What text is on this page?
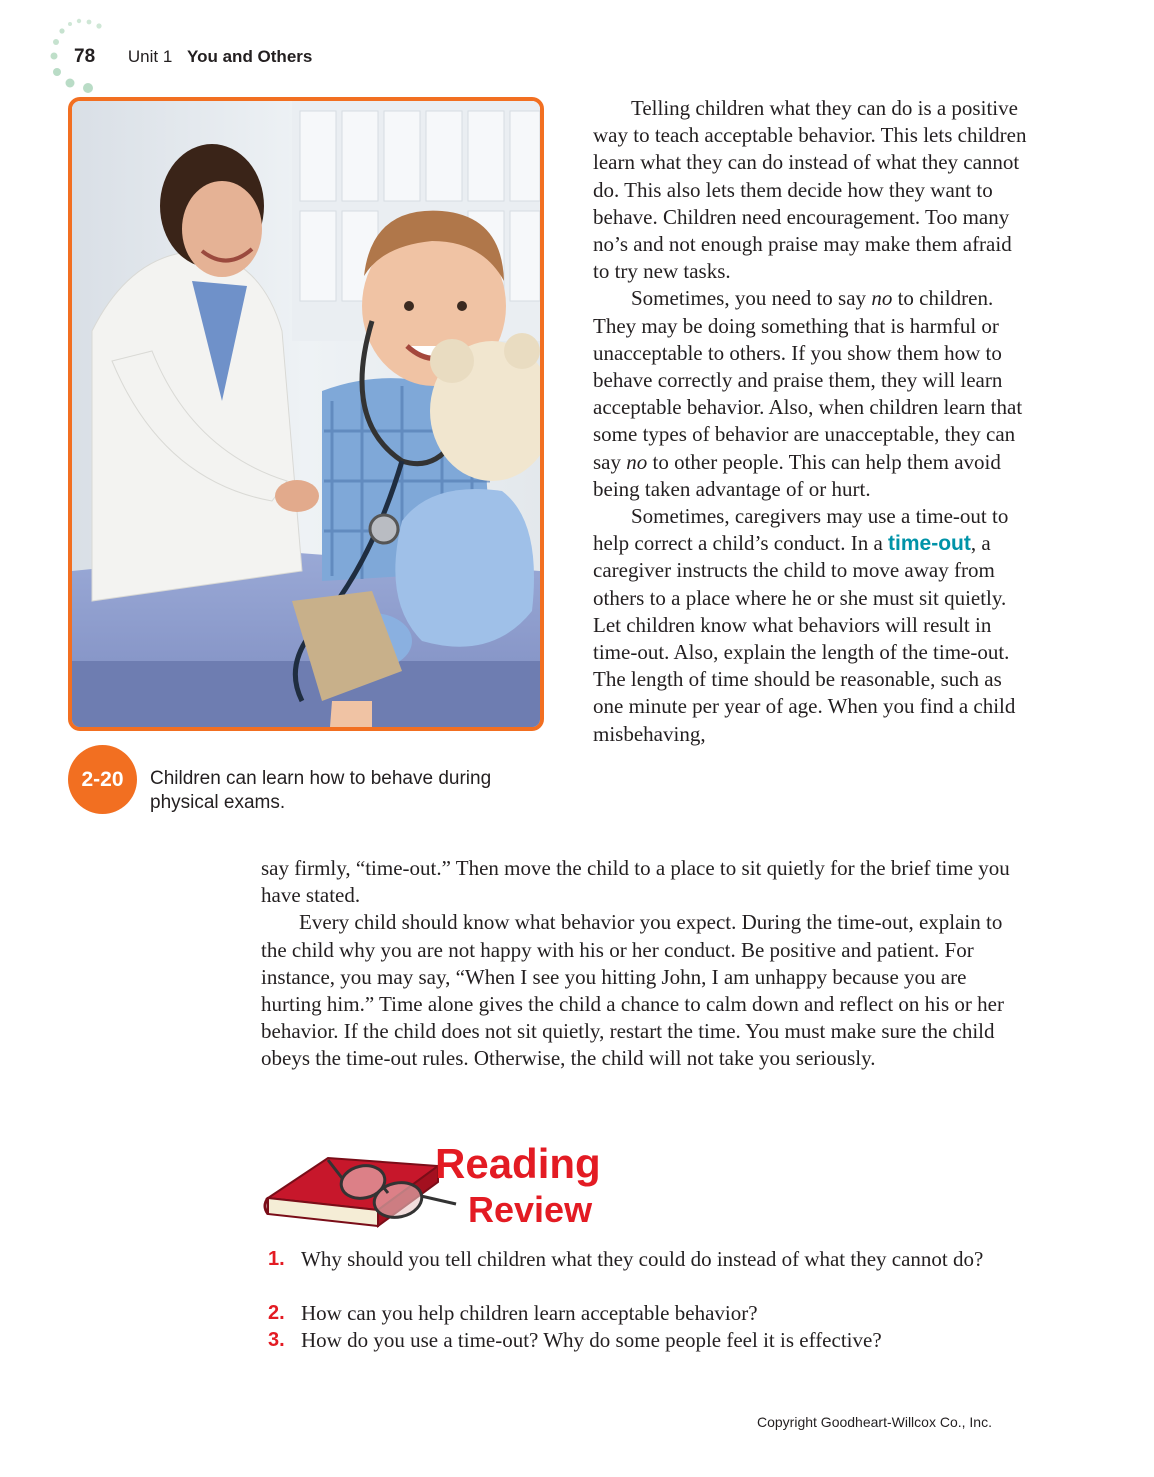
78 Unit 1 You and Others
2-20	Children can learn how to behave during physical exams.

Telling children what they can do is a positive way to teach acceptable behavior. This lets children learn what they can do instead of what they cannot do. This also lets them decide how they want to behave. Children need encouragement. Too many no’s and not enough praise may make them afraid to try new tasks.

Sometimes, you need to say no to children. They may be doing something that is harmful or unacceptable to others. If you show them how to behave correctly and praise them, they will learn acceptable behavior. Also, when children learn that some types of behavior are unacceptable, they can say no to other people. This can help them avoid being taken advantage of or hurt.

Sometimes, caregivers may use a time-out to help correct a child’s conduct. In a time-out, a caregiver instructs the child to move away from others to a place where he or she must sit quietly. Let children know what behaviors will result in time-out. Also, explain the length of the time-out. The length of time should be reasonable, such as one minute per year of age. When you find a child misbehaving,

say firmly, “time-out.” Then move the child to a place to sit quietly for the brief time you have stated.

Every child should know what behavior you expect. During the time-out, explain to the child why you are not happy with his or her conduct. Be positive and patient. For instance, you may say, “When I see you hitting John, I am unhappy because you are hurting him.” Time alone gives the child a chance to calm down and reflect on his or her behavior. If the child does not sit quietly, restart the time. You must make sure the child obeys the time-out rules. Otherwise, the child will not take you seriously.

Reading
Review
1. Why should you tell children what they could do instead of what they cannot do?
2. How can you help children learn acceptable behavior?
3. How do you use a time-out? Why do some people feel it is effective?
Copyright Goodheart-Willcox Co., Inc.
